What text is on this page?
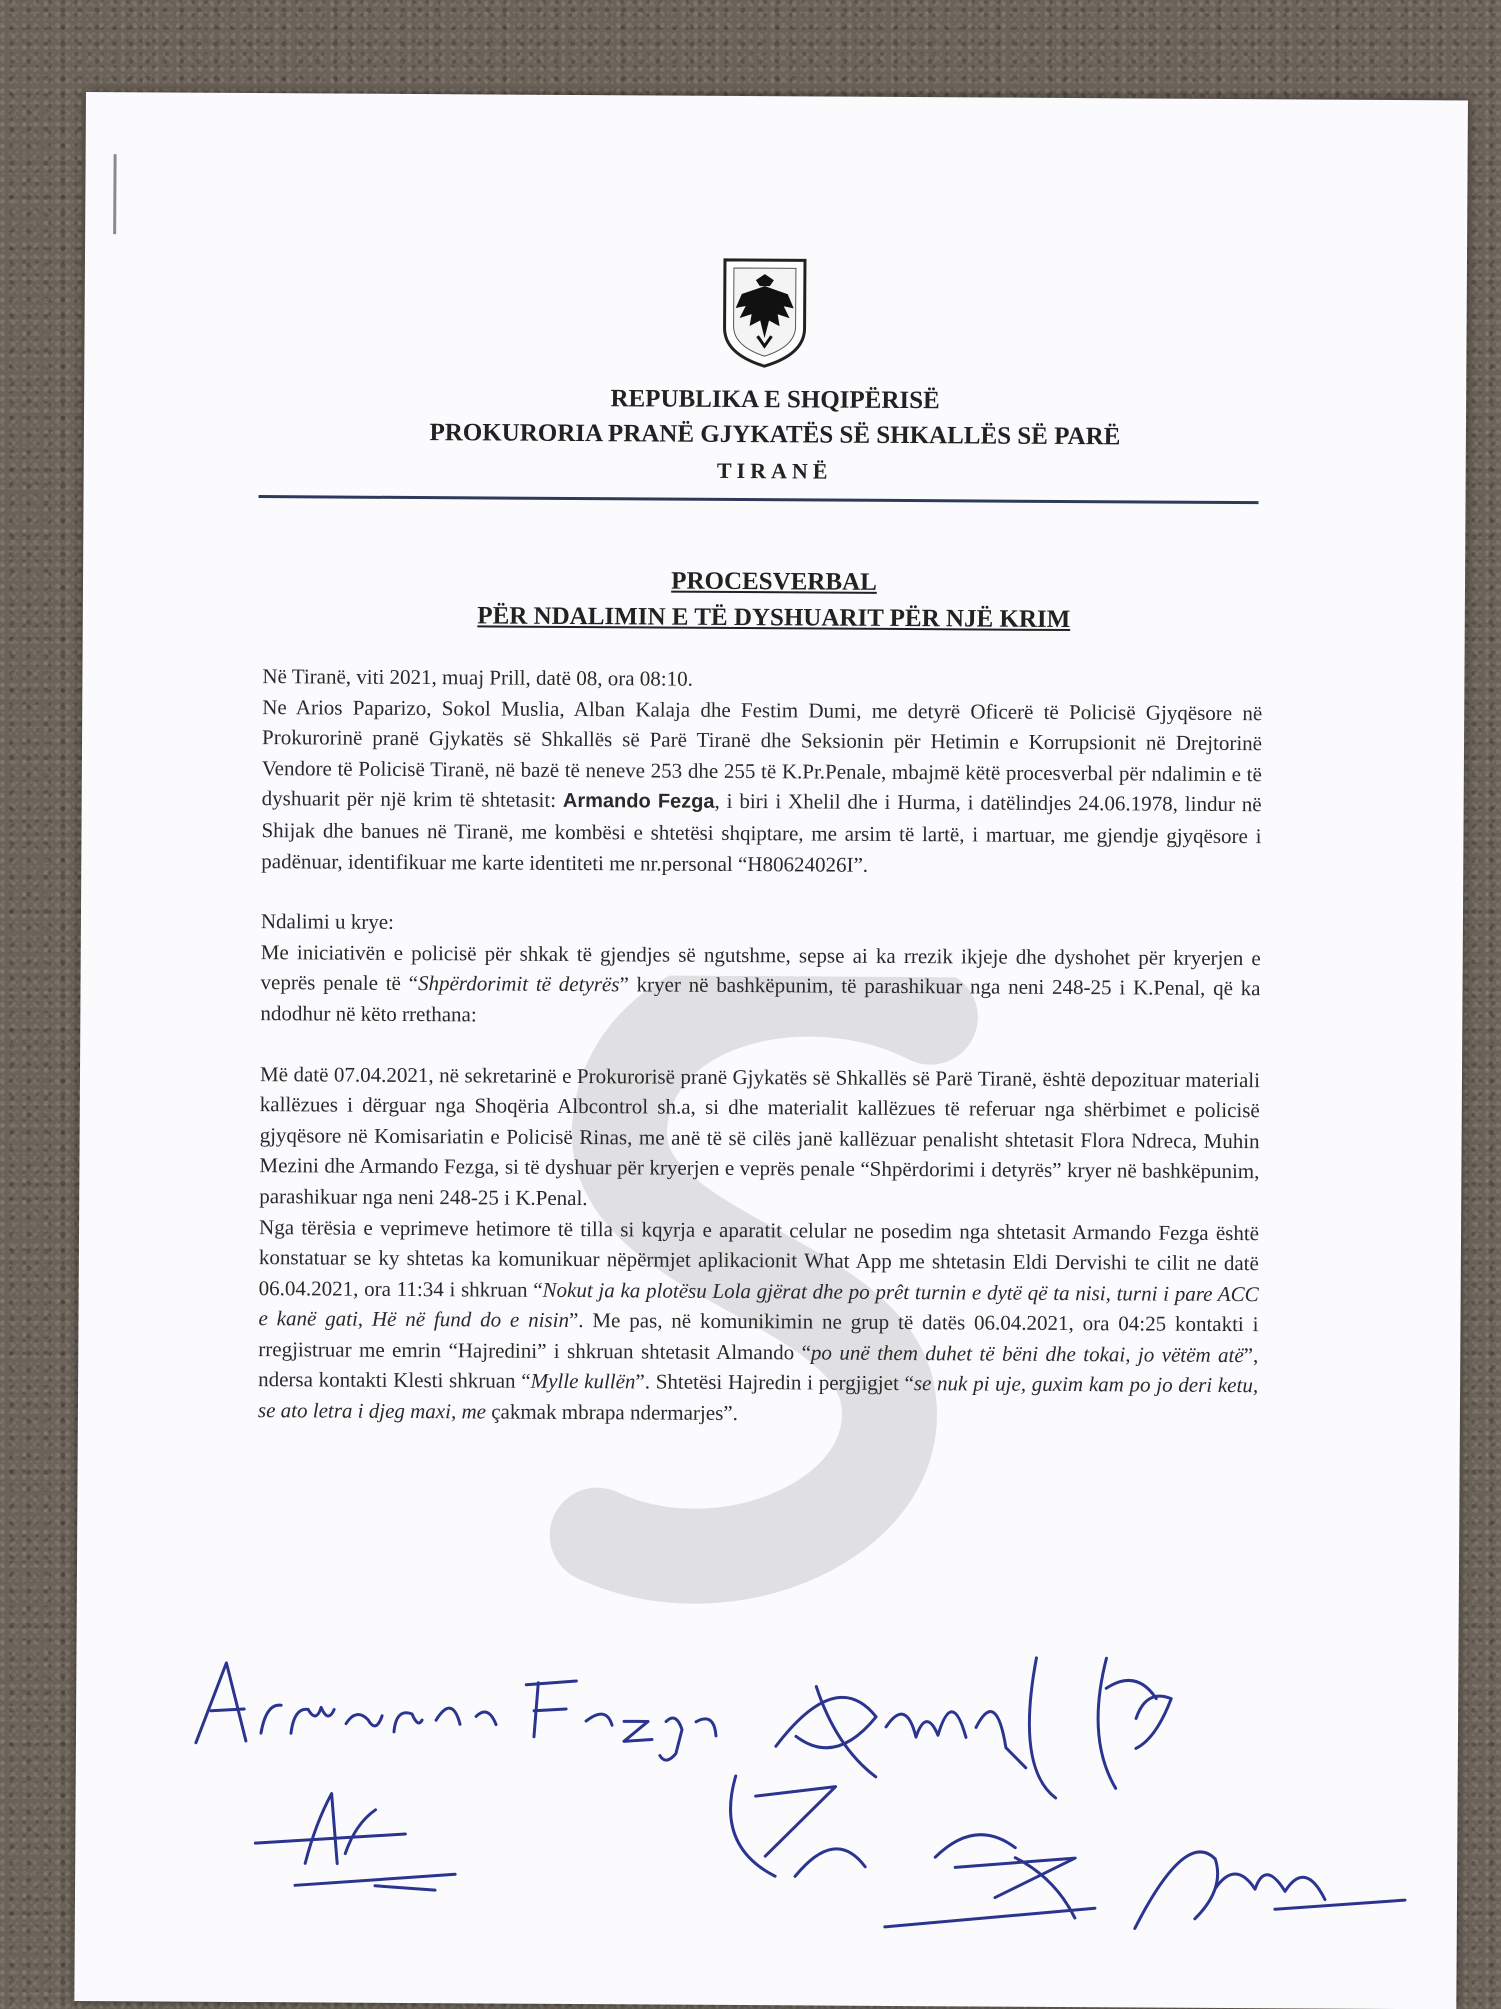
REPUBLIKA E SHQIPËRISË
PROKURORIA PRANË GJYKATËS SË SHKALLËS SË PARË
TIRANË
PROCESVERBAL
PËR NDALIMIN E TË DYSHUARIT PËR NJË KRIM

Në Tiranë, viti 2021, muaj Prill, datë 08, ora 08:10.

Ne Arios Paparizo, Sokol Muslia, Alban Kalaja dhe Festim Dumi, me detyrë Oficerë të Policisë Gjyqësore në Prokurorinë pranë Gjykatës së Shkallës së Parë Tiranë dhe Seksionin për Hetimin e Korrupsionit në Drejtorinë Vendore të Policisë Tiranë, në bazë të neneve 253 dhe 255 të K.Pr.Penale, mbajmë këtë procesverbal për ndalimin e të dyshuarit për një krim të shtetasit: Armando Fezga, i biri i Xhelil dhe i Hurma, i datëlindjes 24.06.1978, lindur në Shijak dhe banues në Tiranë, me kombësi e shtetësi shqiptare, me arsim të lartë, i martuar, me gjendje gjyqësore i padënuar, identifikuar me karte identiteti me nr.personal “H80624026I”.

Ndalimi u krye:

Me iniciativën e policisë për shkak të gjendjes së ngutshme, sepse ai ka rrezik ikjeje dhe dyshohet për kryerjen e veprës penale të “Shpërdorimit të detyrës” kryer në bashkëpunim, të parashikuar nga neni 248-25 i K.Penal, që ka ndodhur në këto rrethana:

Më datë 07.04.2021, në sekretarinë e Prokurorisë pranë Gjykatës së Shkallës së Parë Tiranë, është depozituar materiali kallëzues i dërguar nga Shoqëria Albcontrol sh.a, si dhe materialit kallëzues të referuar nga shërbimet e policisë gjyqësore në Komisariatin e Policisë Rinas, me anë të së cilës janë kallëzuar penalisht shtetasit Flora Ndreca, Muhin Mezini dhe Armando Fezga, si të dyshuar për kryerjen e veprës penale “Shpërdorimi i detyrës” kryer në bashkëpunim, parashikuar nga neni 248-25 i K.Penal.

Nga tërësia e veprimeve hetimore të tilla si kqyrja e aparatit celular ne posedim nga shtetasit Armando Fezga është konstatuar se ky shtetas ka komunikuar nëpërmjet aplikacionit What App me shtetasin Eldi Dervishi te cilit ne datë 06.04.2021, ora 11:34 i shkruan “Nokut ja ka plotësu Lola gjërat dhe po prêt turnin e dytë që ta nisi, turni i pare ACC e kanë gati, Hë në fund do e nisin”. Me pas, në komunikimin ne grup të datës 06.04.2021, ora 04:25 kontakti i rregjistruar me emrin “Hajredini” i shkruan shtetasit Almando “po unë them duhet të bëni dhe tokai, jo vëtëm atë”, ndersa kontakti Klesti shkruan “Mylle kullën”. Shtetësi Hajredin i pergjigjet “se nuk pi uje, guxim kam po jo deri ketu, se ato letra i djeg maxi, me çakmak mbrapa ndermarjes”.
